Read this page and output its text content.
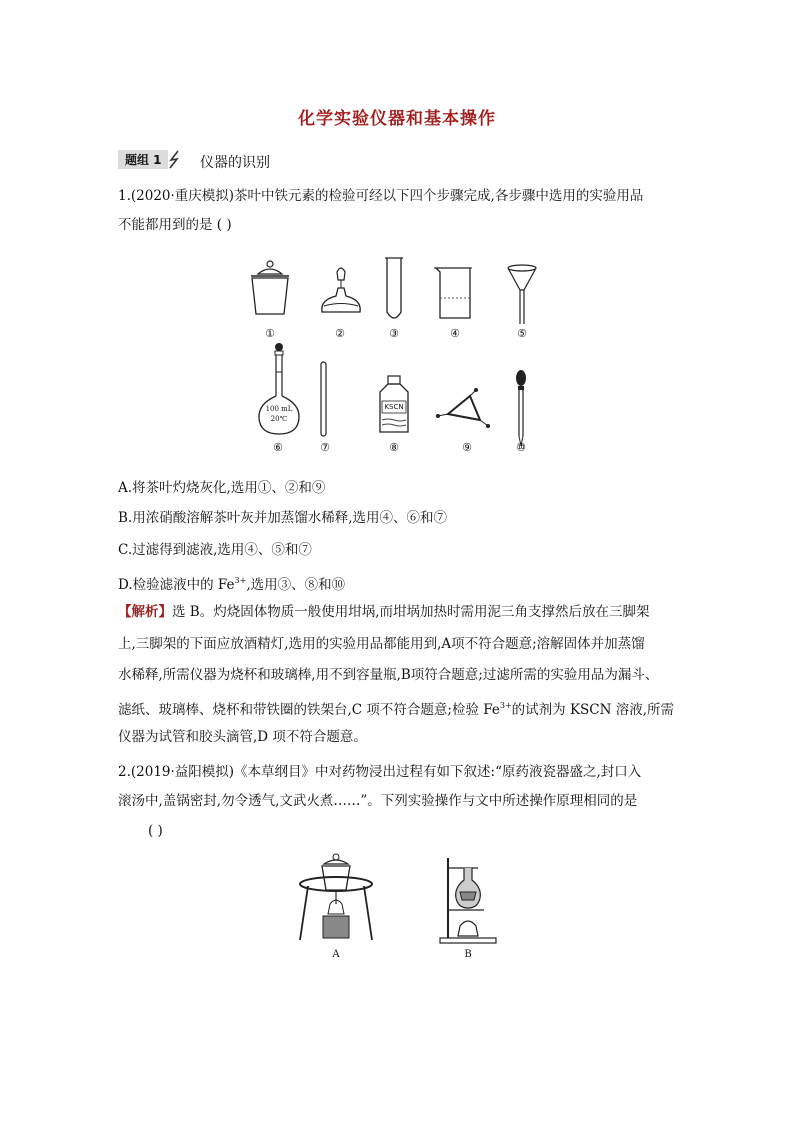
化学实验仪器和基本操作
题组 1	仪器的识别
1.(2020·重庆模拟)茶叶中铁元素的检验可经以下四个步骤完成,各步骤中选用的实验用品
不能都用到的是 ( )
①	②	③	④	⑤
100 mL
20℃
KSCN
⑥	⑦	⑧	⑨	⑩
A.将茶叶灼烧灰化,选用①、②和⑨
B.用浓硝酸溶解茶叶灰并加蒸馏水稀释,选用④、⑥和⑦
C.过滤得到滤液,选用④、⑤和⑦
D.检验滤液中的 $Fe^{3+}$,选用③、⑧和⑩
【解析】选 B。灼烧固体物质一般使用坩埚,而坩埚加热时需用泥三角支撑然后放在三脚架
上,三脚架的下面应放酒精灯,选用的实验用品都能用到,A项不符合题意;溶解固体并加蒸馏
水稀释,所需仪器为烧杯和玻璃棒,用不到容量瓶,B项符合题意;过滤所需的实验用品为漏斗、
滤纸、玻璃棒、烧杯和带铁圈的铁架台,C 项不符合题意;检验 $Fe^{3+}$的试剂为 KSCN 溶液,所需
仪器为试管和胶头滴管,D 项不符合题意。
2.(2019·益阳模拟)《本草纲目》中对药物浸出过程有如下叙述:“原药液瓷器盛之,封口入
滚汤中,盖锅密封,勿令透气,文武火煮……”。下列实验操作与文中所述操作原理相同的是
( )
A	B
